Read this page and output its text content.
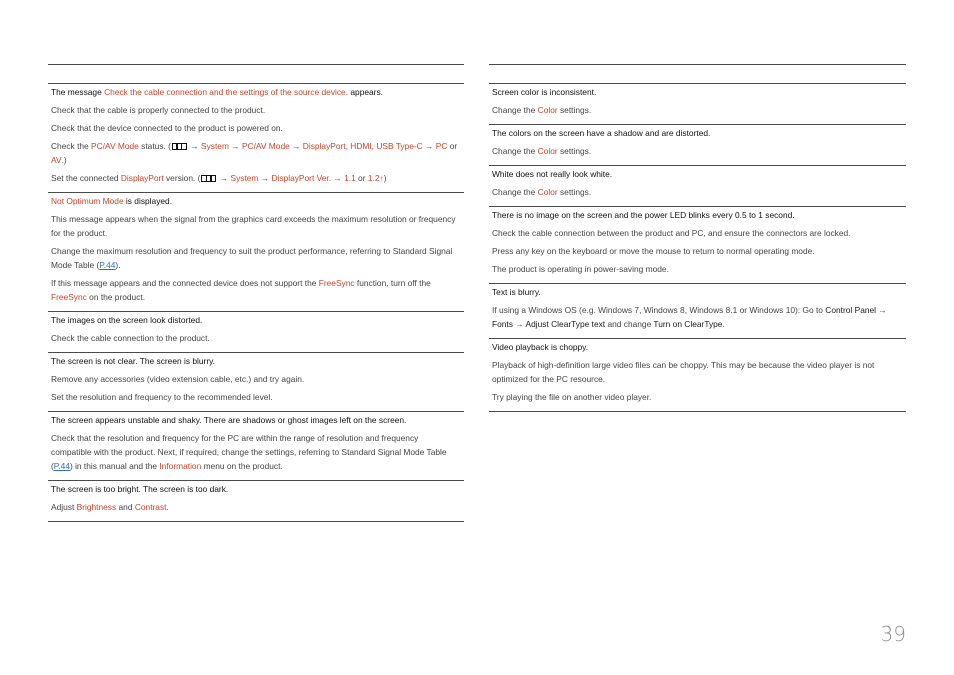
The message Check the cable connection and the settings of the source device. appears.
Check that the cable is properly connected to the product.
Check that the device connected to the product is powered on.
Check the PC/AV Mode status. ( → System → PC/AV Mode → DisplayPort, HDMI, USB Type-C → PC or AV.)
Set the connected DisplayPort version. ( → System → DisplayPort Ver. → 1.1 or 1.2↑)
Not Optimum Mode is displayed.
This message appears when the signal from the graphics card exceeds the maximum resolution or frequency for the product.
Change the maximum resolution and frequency to suit the product performance, referring to Standard Signal Mode Table (P.44).
If this message appears and the connected device does not support the FreeSync function, turn off the FreeSync on the product.
The images on the screen look distorted.
Check the cable connection to the product.
The screen is not clear. The screen is blurry.
Remove any accessories (video extension cable, etc.) and try again.
Set the resolution and frequency to the recommended level.
The screen appears unstable and shaky. There are shadows or ghost images left on the screen.
Check that the resolution and frequency for the PC are within the range of resolution and frequency compatible with the product. Next, if required, change the settings, referring to Standard Signal Mode Table (P.44) in this manual and the Information menu on the product.
The screen is too bright. The screen is too dark.
Adjust Brightness and Contrast.
Screen color is inconsistent.
Change the Color settings.
The colors on the screen have a shadow and are distorted.
Change the Color settings.
White does not really look white.
Change the Color settings.
There is no image on the screen and the power LED blinks every 0.5 to 1 second.
Check the cable connection between the product and PC, and ensure the connectors are locked.
Press any key on the keyboard or move the mouse to return to normal operating mode.
The product is operating in power-saving mode.
Text is blurry.
If using a Windows OS (e.g. Windows 7, Windows 8, Windows 8.1 or Windows 10): Go to Control Panel → Fonts → Adjust ClearType text and change Turn on ClearType.
Video playback is choppy.
Playback of high-definition large video files can be choppy. This may be because the video player is not optimized for the PC resource.
Try playing the file on another video player.
39
